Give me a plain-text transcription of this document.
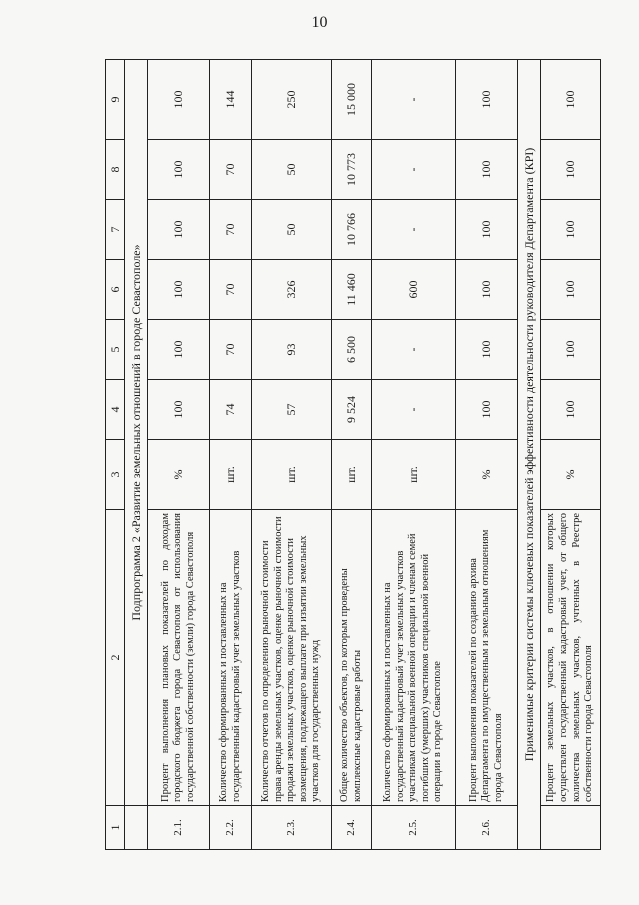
10
1	2	3	4	5	6	7	8	9
	Подпрограмма 2 «Развитие земельных отношений в городе Севастополе»							
2.1.	Процент выполнения плановых показателей по доходам городского бюджета города Севастополя от использования государственной собственности (земли) города Севастополя	%	100	100	100	100	100	100
2.2.	Количество сформированных и поставленных на государственный кадастровый учет земельных участков	шт.	74	70	70	70	70	144
2.3.	Количество отчетов по определению рыночной стоимости права аренды земельных участков, оценке рыночной стоимости продажи земельных участков, оценке рыночной стоимости возмещения, подлежащего выплате при изъятии земельных участков для государственных нужд	шт.	57	93	326	50	50	250
2.4.	Общее количество объектов, по которым проведены комплексные кадастровые работы	шт.	9 524	6 500	11 460	10 766	10 773	15 000
2.5.	Количество сформированных и поставленных на государственный кадастровый учет земельных участков участникам специальной военной операции и членам семей погибших (умерших) участников специальной военной операции в городе Севастополе	шт.	-	-	600	-	-	-
2.6.	Процент выполнения показателей по созданию архива Департамента по имущественным и земельным отношениям города Севастополя	%	100	100	100	100	100	100
Применимые критерии системы ключевых показателей эффективности деятельности руководителя Департамента (КРI)								
	Процент земельных участков, в отношении которых осуществлен государственный кадастровый учет, от общего количества земельных участков, учтенных в Реестре собственности города Севастополя	%	100	100	100	100	100	100
